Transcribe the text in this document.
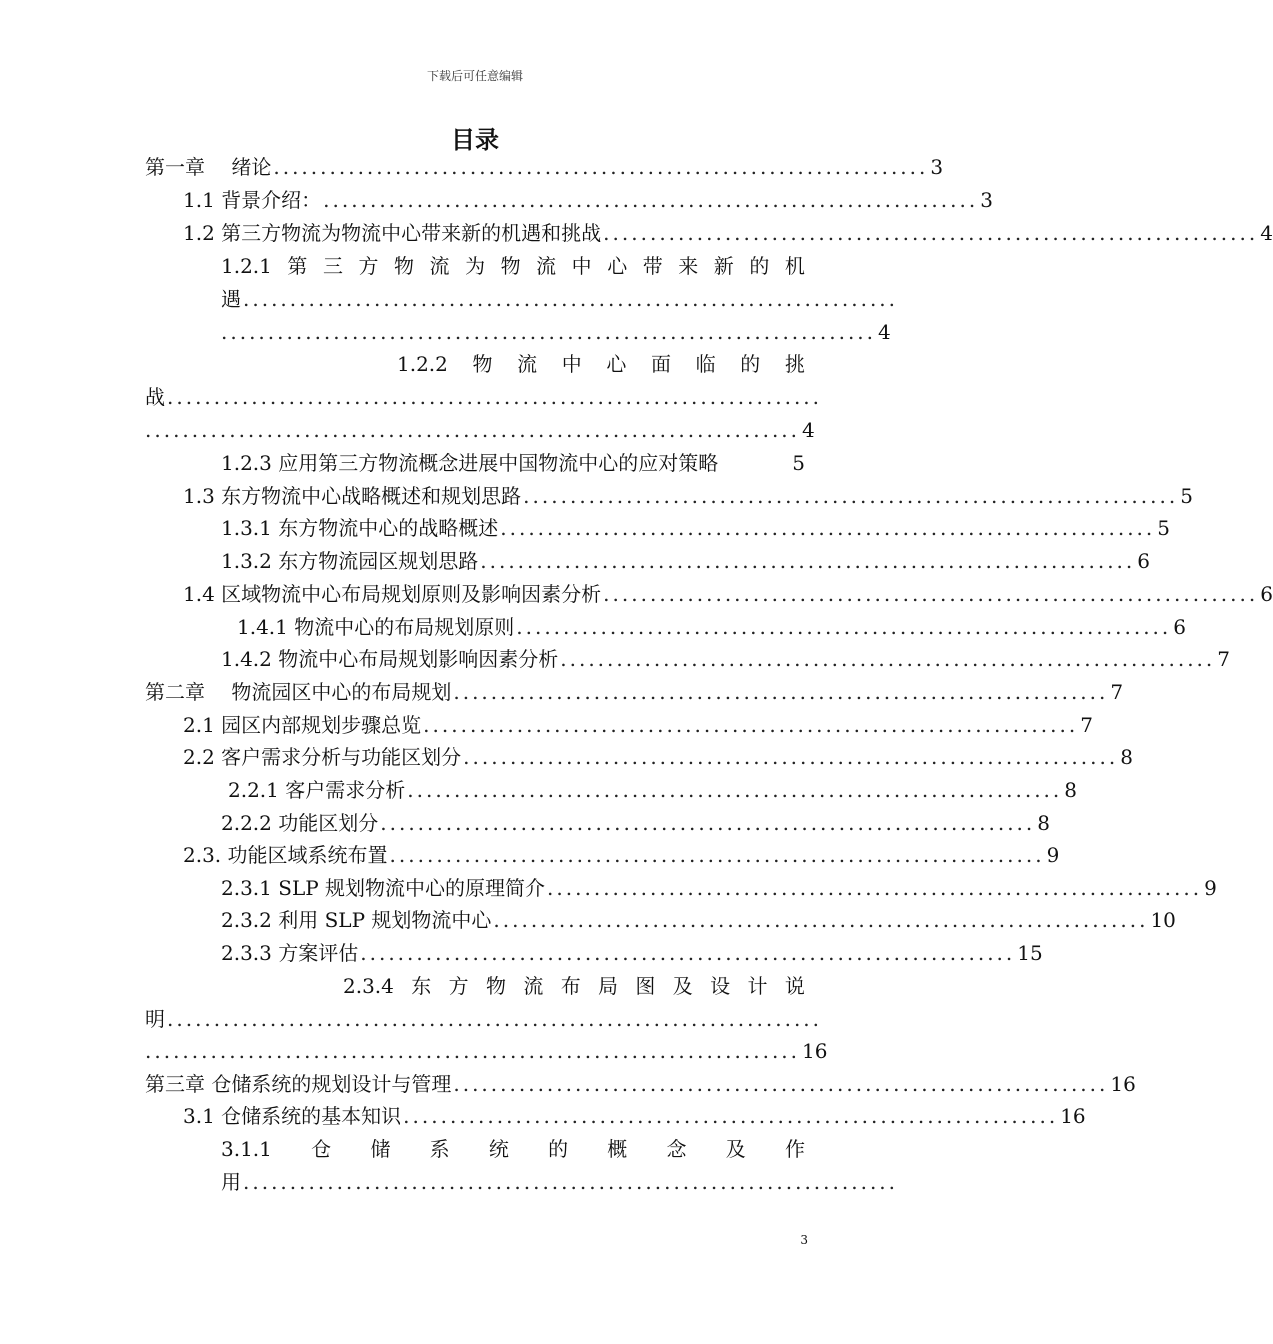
下载后可任意编辑
目录
第一章　 绪论 ...................................................................... 3
1.1 背景介绍： ...................................................................... 3
1.2 第三方物流为物流中心带来新的机遇和挑战 ...................................................................... 4
1.2.1 第 三 方 物 流 为 物 流 中 心 带 来 新 的 机
遇 ......................................................................
...................................................................... 4
1.2.2 物 流 中 心 面 临 的 挑
战 ......................................................................
...................................................................... 4
1.2.3 应用第三方物流概念进展中国物流中心的应对策略	5
1.3 东方物流中心战略概述和规划思路 ...................................................................... 5
1.3.1 东方物流中心的战略概述 ...................................................................... 5
1.3.2 东方物流园区规划思路 ...................................................................... 6
1.4 区域物流中心布局规划原则及影响因素分析 ...................................................................... 6
1.4.1 物流中心的布局规划原则 ...................................................................... 6
1.4.2 物流中心布局规划影响因素分析 ...................................................................... 7
第二章　 物流园区中心的布局规划 ...................................................................... 7
2.1 园区内部规划步骤总览 ...................................................................... 7
2.2 客户需求分析与功能区划分 ...................................................................... 8
2.2.1 客户需求分析 ...................................................................... 8
2.2.2 功能区划分 ...................................................................... 8
2.3. 功能区域系统布置 ...................................................................... 9
2.3.1 SLP 规划物流中心的原理简介 ...................................................................... 9
2.3.2 利用 SLP 规划物流中心 ...................................................................... 10
2.3.3 方案评估 ...................................................................... 15
2.3.4 东 方 物 流 布 局 图 及 设 计 说
明 ......................................................................
...................................................................... 16
第三章 仓储系统的规划设计与管理 ...................................................................... 16
3.1 仓储系统的基本知识 ...................................................................... 16
3.1.1 仓 储 系 统 的 概 念 及 作
用 ......................................................................
3
